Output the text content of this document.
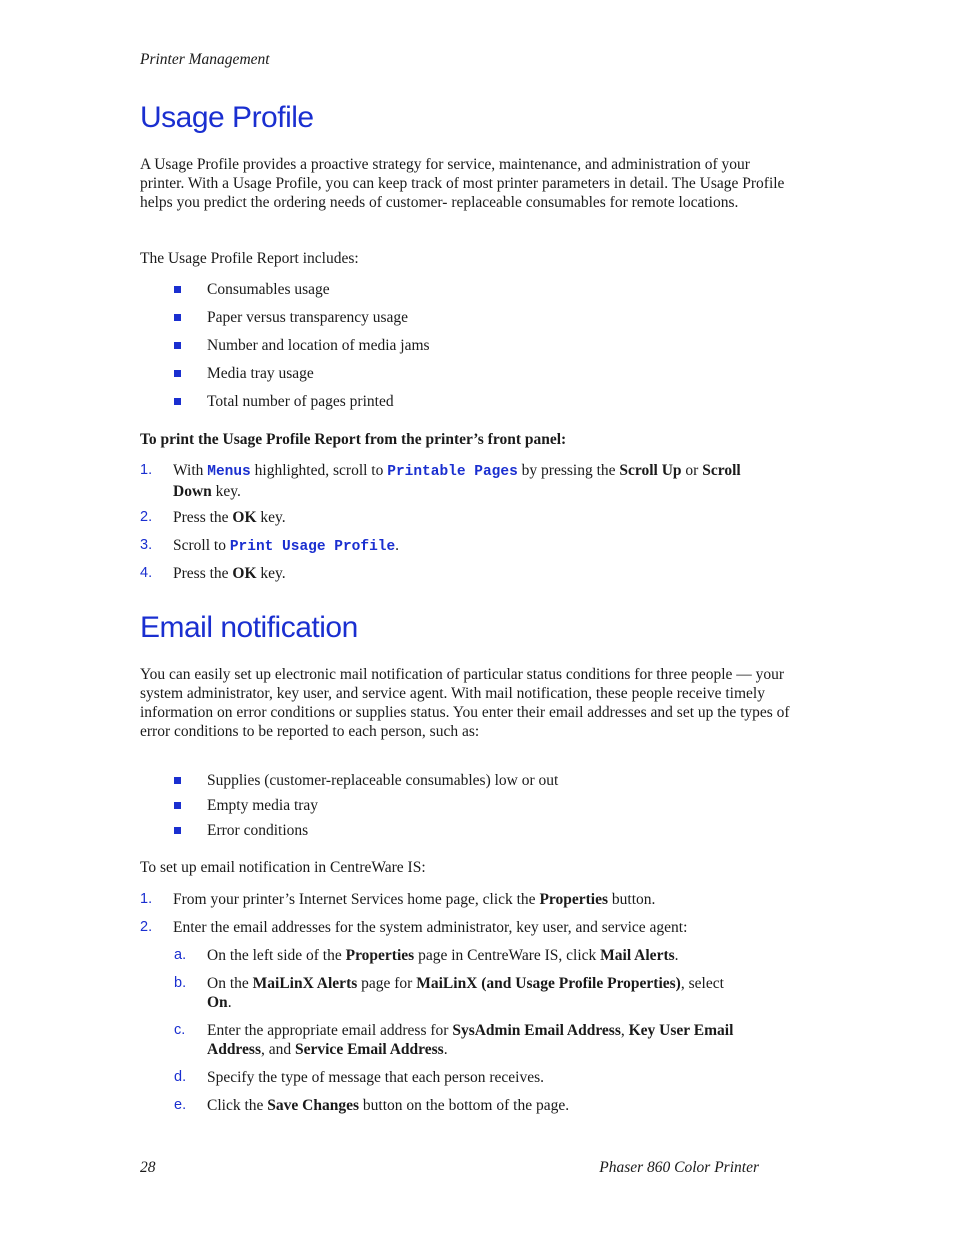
Printer Management
Usage Profile
A Usage Profile provides a proactive strategy for service, maintenance, and administration of your printer. With a Usage Profile, you can keep track of most printer parameters in detail. The Usage Profile helps you predict the ordering needs of customer- replaceable consumables for remote locations.
The Usage Profile Report includes:
Consumables usage
Paper versus transparency usage
Number and location of media jams
Media tray usage
Total number of pages printed
To print the Usage Profile Report from the printer’s front panel:
1. With Menus highlighted, scroll to Printable Pages by pressing the Scroll Up or Scroll Down key.
2. Press the OK key.
3. Scroll to Print Usage Profile.
4. Press the OK key.
Email notification
You can easily set up electronic mail notification of particular status conditions for three people — your system administrator, key user, and service agent. With mail notification, these people receive timely information on error conditions or supplies status. You enter their email addresses and set up the types of error conditions to be reported to each person, such as:
Supplies (customer-replaceable consumables) low or out
Empty media tray
Error conditions
To set up email notification in CentreWare IS:
1. From your printer’s Internet Services home page, click the Properties button.
2. Enter the email addresses for the system administrator, key user, and service agent:
a. On the left side of the Properties page in CentreWare IS, click Mail Alerts.
b. On the MaiLinX Alerts page for MaiLinX (and Usage Profile Properties), select On.
c. Enter the appropriate email address for SysAdmin Email Address, Key User Email Address, and Service Email Address.
d. Specify the type of message that each person receives.
e. Click the Save Changes button on the bottom of the page.
28	Phaser 860 Color Printer
